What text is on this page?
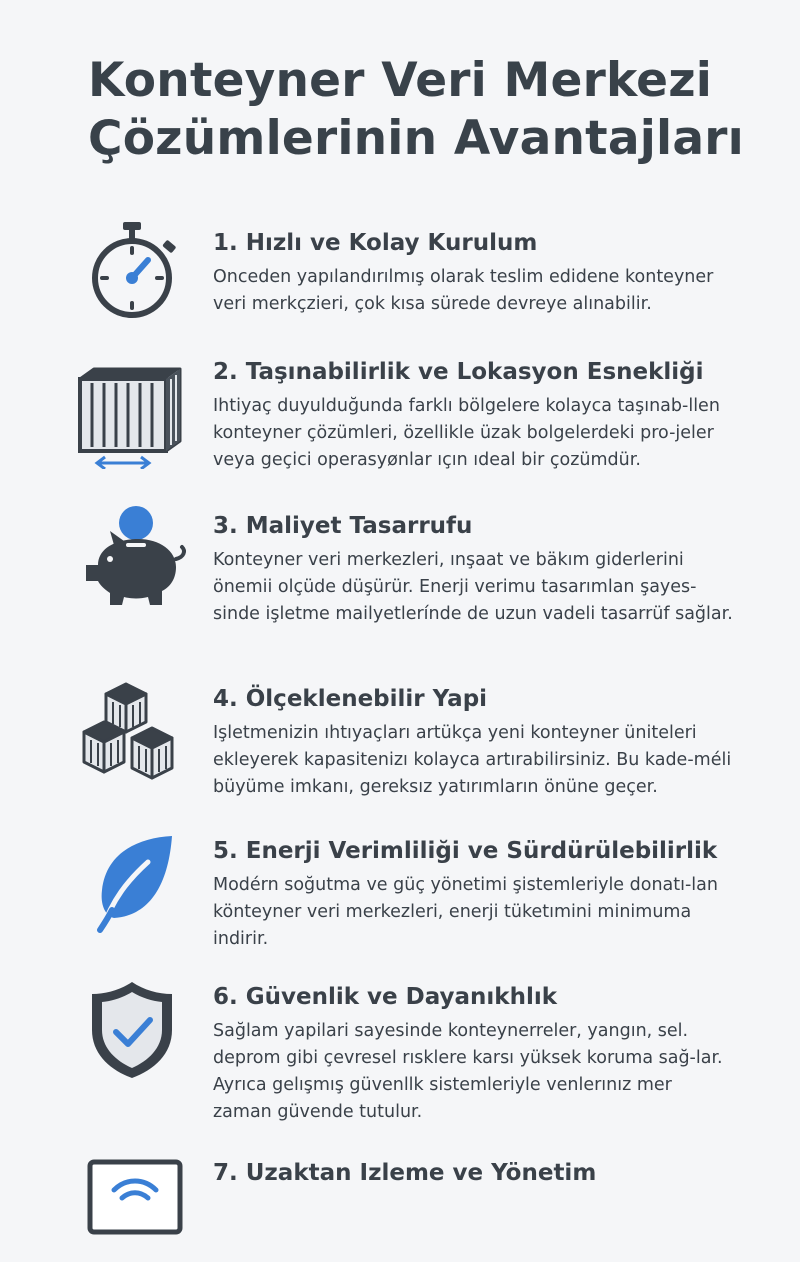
Konteyner Veri Merkezi Çözümlerinin Avantajları
1. Hızlı ve Kolay Kurulum

Onceden yapılandırılmış olarak teslim edidene konteyner veri merkçzieri, çok kısa sürede devreye alınabilir.

2. Taşınabilirlik ve Lokasyon Esnekliği

Ihtiyaç duyulduğunda farklı bölgelere kolayca taşınab-llen konteyner çözümleri, özellikle üzak bolgelerdeki pro-jeler veya geçici operasyønlar ıçın ıdeal bir çozümdür.

3. Maliyet Tasarrufu

Konteyner veri merkezleri, ınşaat ve bäkım giderlerini önemii olçüde düşürür. Enerji verimu tasarımlan şayes-sinde işletme mailyetlerínde de uzun vadeli tasarrüf sağlar.

4. Ölçeklenebilir Yapi

Işletmenizin ıhtıyaçları artükça yeni konteyner üniteleri ekleyerek kapasitenizı kolayca artırabilirsiniz. Bu kade-méli büyüme imkanı, gereksız yatırımların önüne geçer.

5. Enerji Verimliliği ve Sürdürülebilirlik

Modérn soğutma ve güç yönetimi şistemleriyle donatı-lan könteyner veri merkezleri, enerji tüketımini minimuma indirir.

6. Güvenlik ve Dayanıkhlık

Sağlam yapilari sayesinde konteynerreler, yangın, sel. deprom gibi çevresel rısklere karsı yüksek koruma sağ-lar. Ayrıca gelışmış güvenllk sistemleriyle venlerınız mer zaman güvende tutulur.

7. Uzaktan Izleme ve Yönetim
